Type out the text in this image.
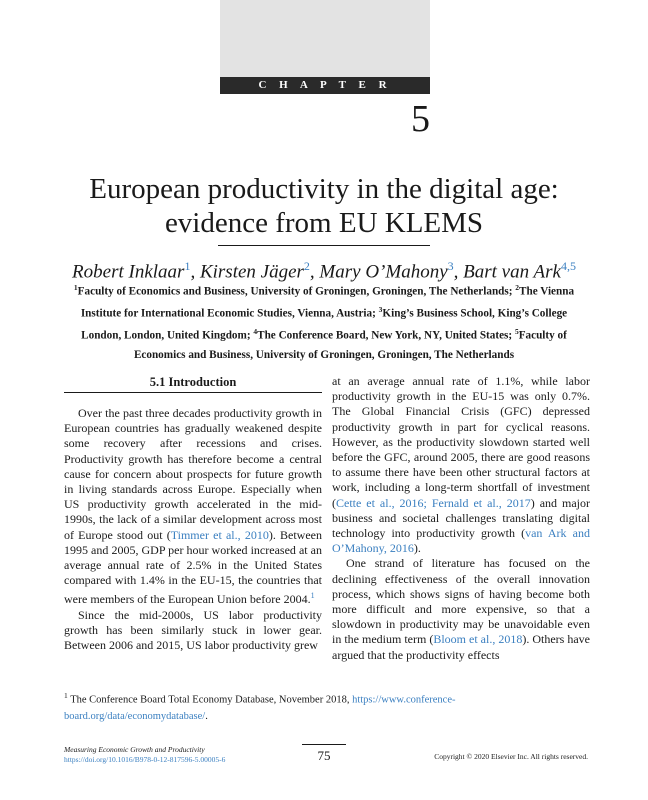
C H A P T E R
5
European productivity in the digital age:
evidence from EU KLEMS
Robert Inklaar$^1$, Kirsten Jäger$^2$, Mary O’Mahony$^3$, Bart van Ark$^{4,5}$
$^1$Faculty of Economics and Business, University of Groningen, Groningen, The Netherlands; $^2$The Vienna Institute for International Economic Studies, Vienna, Austria; $^3$King’s Business School, King’s College London, London, United Kingdom; $^4$The Conference Board, New York, NY, United States; $^5$Faculty of Economics and Business, University of Groningen, Groningen, The Netherlands
5.1 Introduction

Over the past three decades productivity growth in European countries has gradually weakened despite some recovery after recessions and crises. Productivity growth has therefore become a central cause for concern about prospects for future growth in living standards across Europe. Especially when US productivity growth accelerated in the mid-1990s, the lack of a similar development across most of Europe stood out (Timmer et al., 2010). Between 1995 and 2005, GDP per hour worked increased at an average annual rate of 2.5% in the United States compared with 1.4% in the EU-15, the countries that were members of the European Union before 2004.$^1$

Since the mid-2000s, US labor productivity growth has been similarly stuck in lower gear. Between 2006 and 2015, US labor productivity grew

at an average annual rate of 1.1%, while labor productivity growth in the EU-15 was only 0.7%. The Global Financial Crisis (GFC) depressed productivity growth in part for cyclical reasons. However, as the productivity slowdown started well before the GFC, around 2005, there are good reasons to assume there have been other structural factors at work, including a long-term shortfall of investment (Cette et al., 2016; Fernald et al., 2017) and major business and societal challenges translating digital technology into productivity growth (van Ark and O’Mahony, 2016).

One strand of literature has focused on the declining effectiveness of the overall innovation process, which shows signs of having become both more difficult and more expensive, so that a slowdown in productivity may be unavoidable even in the medium term (Bloom et al., 2018). Others have argued that the productivity effects

$^1$ The Conference Board Total Economy Database, November 2018, https://www.conference-board.org/data/economydatabase/.
Measuring Economic Growth and Productivity
https://doi.org/10.1016/B978-0-12-817596-5.00005-6	75	Copyright © 2020 Elsevier Inc. All rights reserved.
